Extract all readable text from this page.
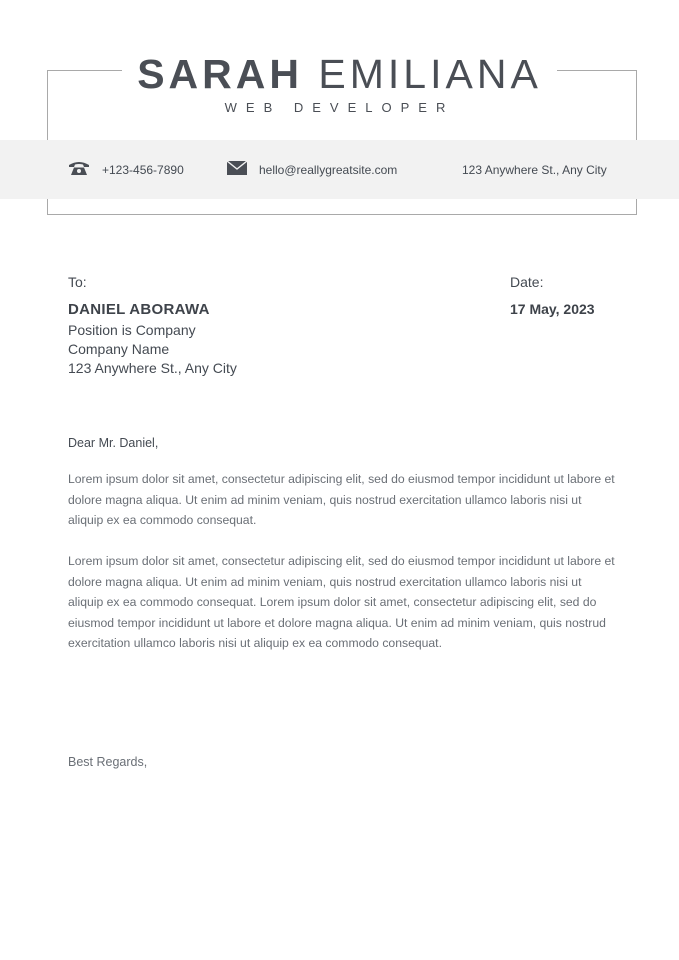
SARAH EMILIANA
WEB DEVELOPER
+123-456-7890	hello@reallygreatsite.com	123 Anywhere St., Any City
To:	Date:
DANIEL ABORAWA	17 May, 2023
Position is Company
Company Name
123 Anywhere St., Any City
Dear Mr. Daniel,

Lorem ipsum dolor sit amet, consectetur adipiscing elit, sed do eiusmod tempor incididunt ut labore et dolore magna aliqua. Ut enim ad minim veniam, quis nostrud exercitation ullamco laboris nisi ut aliquip ex ea commodo consequat.

Lorem ipsum dolor sit amet, consectetur adipiscing elit, sed do eiusmod tempor incididunt ut labore et dolore magna aliqua. Ut enim ad minim veniam, quis nostrud exercitation ullamco laboris nisi ut aliquip ex ea commodo consequat. Lorem ipsum dolor sit amet, consectetur adipiscing elit, sed do eiusmod tempor incididunt ut labore et dolore magna aliqua. Ut enim ad minim veniam, quis nostrud exercitation ullamco laboris nisi ut aliquip ex ea commodo consequat.

Best Regards,
